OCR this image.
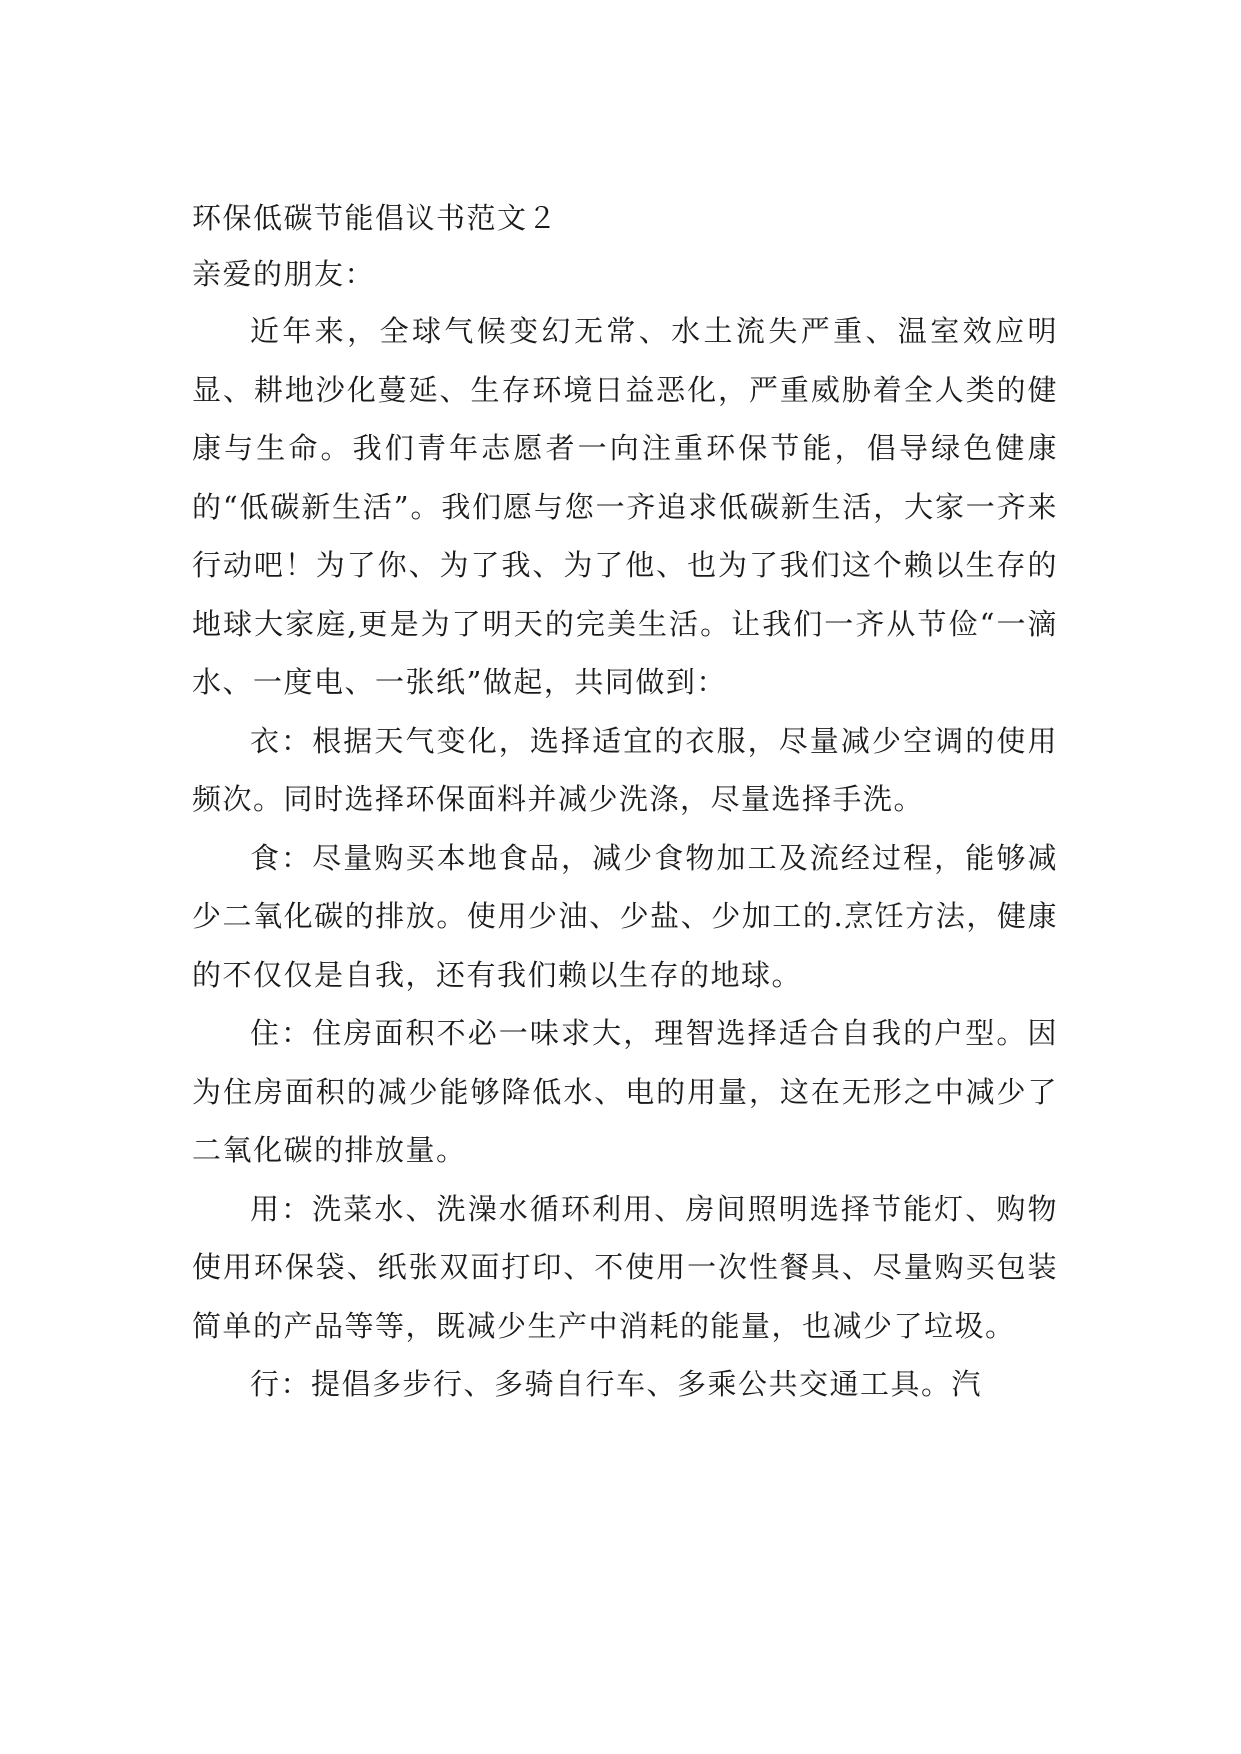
环保低碳节能倡议书范文２
亲爱的朋友：

近年来，全球气候变幻无常、水土流失严重、温室效应明显、耕地沙化蔓延、生存环境日益恶化，严重威胁着全人类的健康与生命。我们青年志愿者一向注重环保节能，倡导绿色健康的“低碳新生活”。我们愿与您一齐追求低碳新生活，大家一齐来行动吧！为了你、为了我、为了他、也为了我们这个赖以生存的地球大家庭,更是为了明天的完美生活。让我们一齐从节俭“一滴水、一度电、一张纸”做起，共同做到：

衣：根据天气变化，选择适宜的衣服，尽量减少空调的使用频次。同时选择环保面料并减少洗涤，尽量选择手洗。

食：尽量购买本地食品，减少食物加工及流经过程，能够减少二氧化碳的排放。使用少油、少盐、少加工的.烹饪方法，健康的不仅仅是自我，还有我们赖以生存的地球。

住：住房面积不必一味求大，理智选择适合自我的户型。因为住房面积的减少能够降低水、电的用量，这在无形之中减少了二氧化碳的排放量。

用：洗菜水、洗澡水循环利用、房间照明选择节能灯、购物使用环保袋、纸张双面打印、不使用一次性餐具、尽量购买包装简单的产品等等，既减少生产中消耗的能量，也减少了垃圾。

行：提倡多步行、多骑自行车、多乘公共交通工具。汽
